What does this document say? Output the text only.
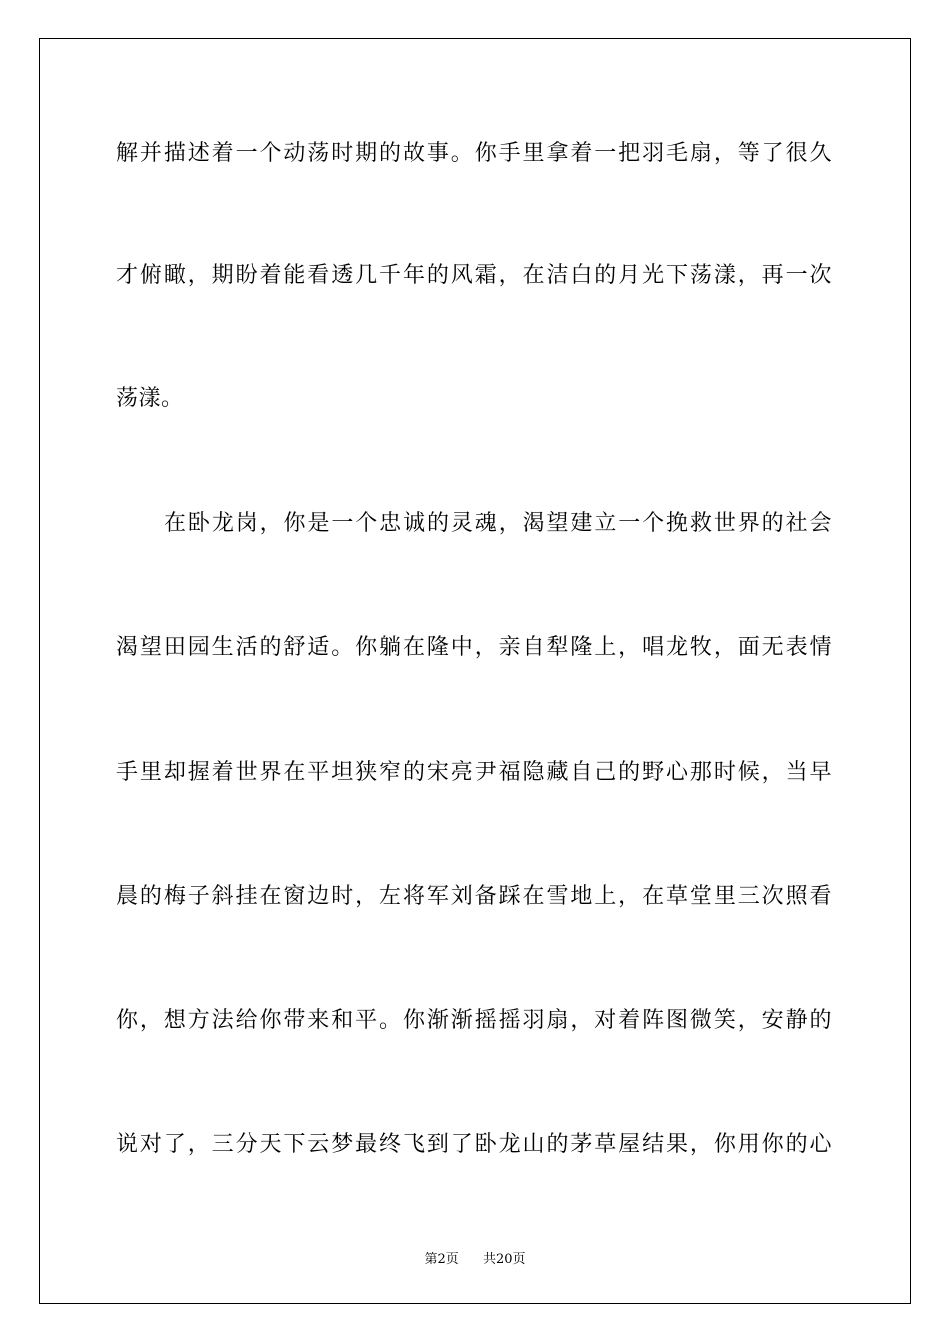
解并描述着一个动荡时期的故事。你手里拿着一把羽毛扇，等了很久
才俯瞰，期盼着能看透几千年的风霜，在洁白的月光下荡漾，再一次
荡漾。
在卧龙岗，你是一个忠诚的灵魂，渴望建立一个挽救世界的社会
渴望田园生活的舒适。你躺在隆中，亲自犁隆上，唱龙牧，面无表情
手里却握着世界在平坦狭窄的宋亮尹福隐藏自己的野心那时候，当早
晨的梅子斜挂在窗边时，左将军刘备踩在雪地上，在草堂里三次照看
你，想方法给你带来和平。你渐渐摇摇羽扇，对着阵图微笑，安静的
说对了，三分天下云梦最终飞到了卧龙山的茅草屋结果，你用你的心
第2页 共20页
